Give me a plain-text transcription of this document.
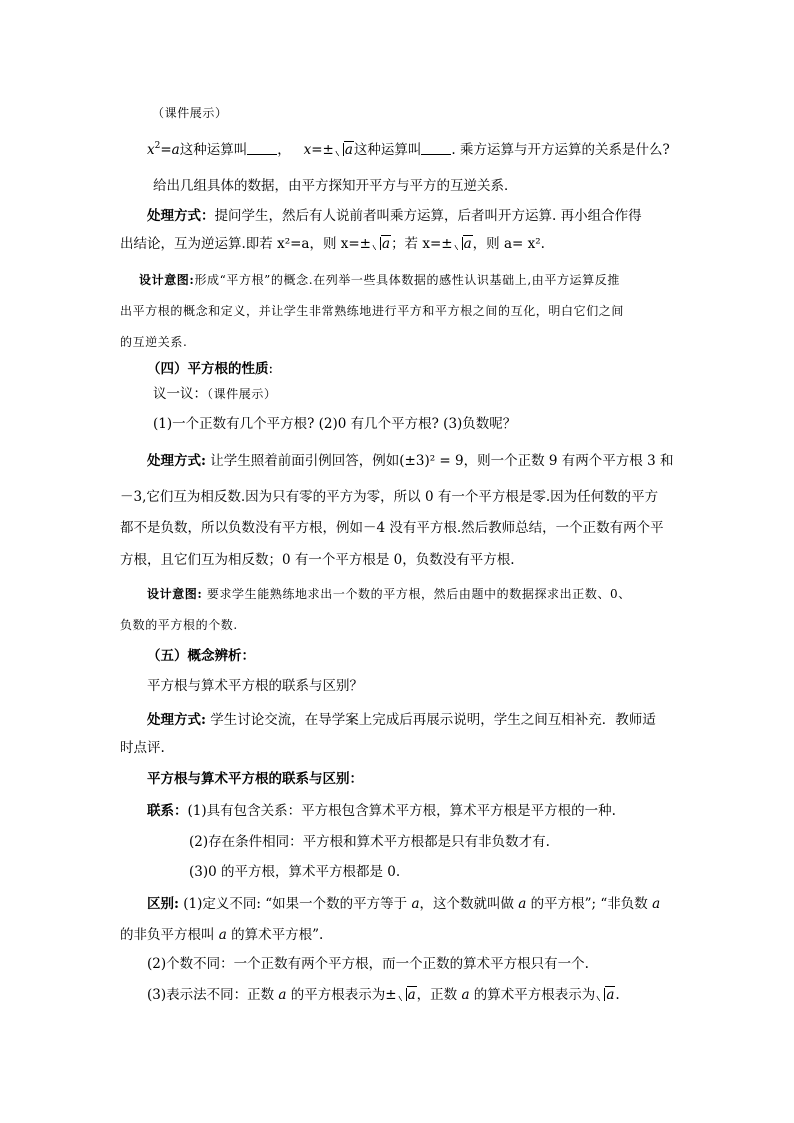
（课件展示）
$x^2=a$这种运算叫 ， x=± a这种运算叫 . 乘方运算与开方运算的关系是什么?
给出几组具体的数据，由平方探知开平方与平方的互逆关系．
处理方式：提问学生，然后有人说前者叫乘方运算，后者叫开方运算. 再小组合作得
出结论，互为逆运算.即若 x²=a，则 x=± a；若 x=± a，则 a= x².
设计意图:形成“平方根”的概念.在列举一些具体数据的感性认识基础上,由平方运算反推
出平方根的概念和定义，并让学生非常熟练地进行平方和平方根之间的互化，明白它们之间
的互逆关系.
（四）平方根的性质:
议一议：（课件展示）
(1)一个正数有几个平方根? (2)0 有几个平方根? (3)负数呢？
处理方式: 让学生照着前面引例回答，例如(±3)² = 9，则一个正数 9 有两个平方根 3 和
－3,它们互为相反数.因为只有零的平方为零，所以 0 有一个平方根是零.因为任何数的平方
都不是负数，所以负数没有平方根，例如－4 没有平方根.然后教师总结，一个正数有两个平
方根，且它们互为相反数；0 有一个平方根是 0，负数没有平方根.
设计意图: 要求学生能熟练地求出一个数的平方根，然后由题中的数据探求出正数、0、
负数的平方根的个数.
（五）概念辨析：
平方根与算术平方根的联系与区别？
处理方式: 学生讨论交流，在导学案上完成后再展示说明，学生之间互相补充．教师适
时点评.
平方根与算术平方根的联系与区别：
联系：(1)具有包含关系：平方根包含算术平方根，算术平方根是平方根的一种.
(2)存在条件相同：平方根和算术平方根都是只有非负数才有.
(3)0 的平方根，算术平方根都是 0.
区别: (1)定义不同: “如果一个数的平方等于 a，这个数就叫做 a 的平方根”; “非负数 a
的非负平方根叫 a 的算术平方根”.
(2)个数不同：一个正数有两个平方根，而一个正数的算术平方根只有一个.
(3)表示法不同：正数 a 的平方根表示为± a，正数 a 的算术平方根表示为 a.
